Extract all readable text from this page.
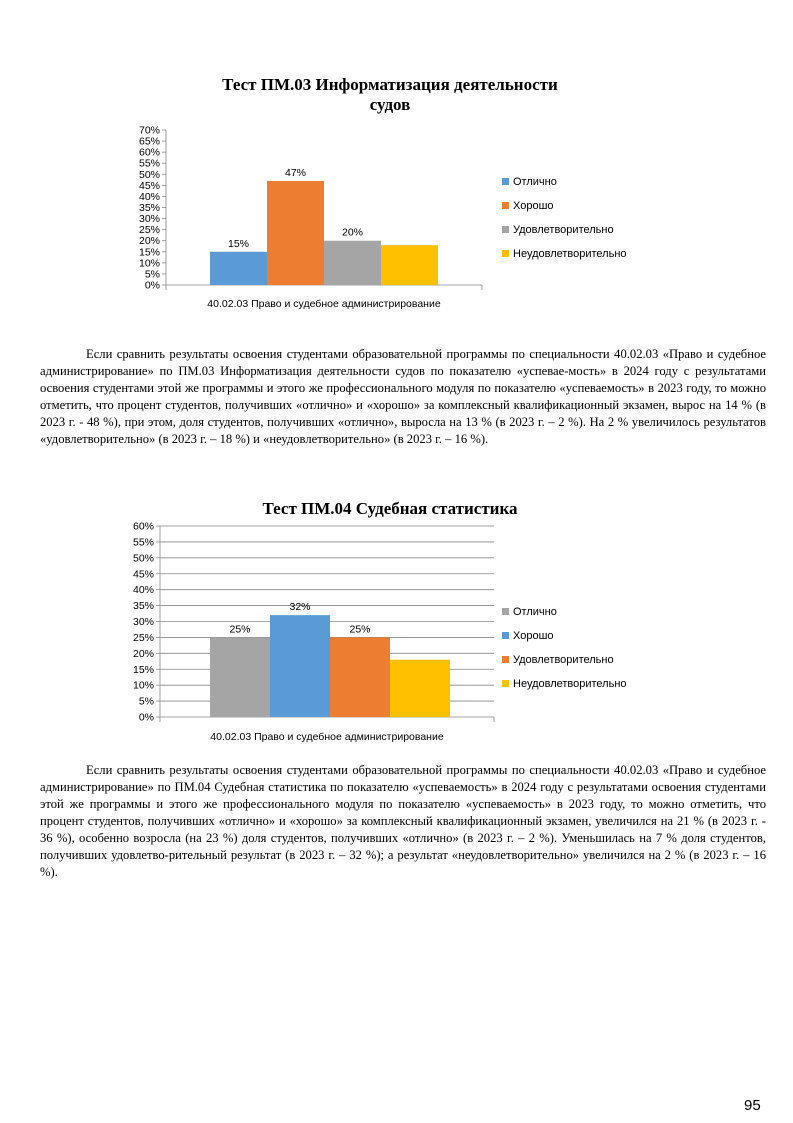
Тест ПМ.03 Информатизация деятельности
судов
0%
5%
10%
15%
20%
25%
30%
35%
40%
45%
50%
55%
60%
65%
70%
15%
47%
20%
40.02.03 Право и судебное администрирование
Отлично
Хорошо
Удовлетворительно
Неудовлетворительно

Если сравнить результаты освоения студентами образовательной программы по специальности 40.02.03 «Право и судебное администрирование» по ПМ.03 Информатизация деятельности судов по показателю «успевае-мость» в 2024 году с результатами освоения студентами этой же программы и этого же профессионального модуля по показателю «успеваемость» в 2023 году, то можно отметить, что процент студентов, получивших «отлично» и «хорошо» за комплексный квалификационный экзамен, вырос на 14 % (в 2023 г. - 48 %), при этом, доля студентов, получивших «отлично», выросла на 13 % (в 2023 г. – 2 %). На 2 % увеличилось результатов «удовлетворительно» (в 2023 г. – 18 %) и «неудовлетворительно» (в 2023 г. – 16 %).

Тест ПМ.04 Судебная статистика
0%
5%
10%
15%
20%
25%
30%
35%
40%
45%
50%
55%
60%
25%
32%
25%
40.02.03 Право и судебное администрирование
Отлично
Хорошо
Удовлетворительно
Неудовлетворительно

Если сравнить результаты освоения студентами образовательной программы по специальности 40.02.03 «Право и судебное администрирование» по ПМ.04 Судебная статистика по показателю «успеваемость» в 2024 году с результатами освоения студентами этой же программы и этого же профессионального модуля по показателю «успеваемость» в 2023 году, то можно отметить, что процент студентов, получивших «отлично» и «хорошо» за комплексный квалификационный экзамен, увеличился на 21 % (в 2023 г. - 36 %), особенно возросла (на 23 %) доля студентов, получивших «отлично» (в 2023 г. – 2 %). Уменьшилась на 7 % доля студентов, получивших удовлетво-рительный результат (в 2023 г. – 32 %); а результат «неудовлетворительно» увеличился на 2 % (в 2023 г. – 16 %).

95
